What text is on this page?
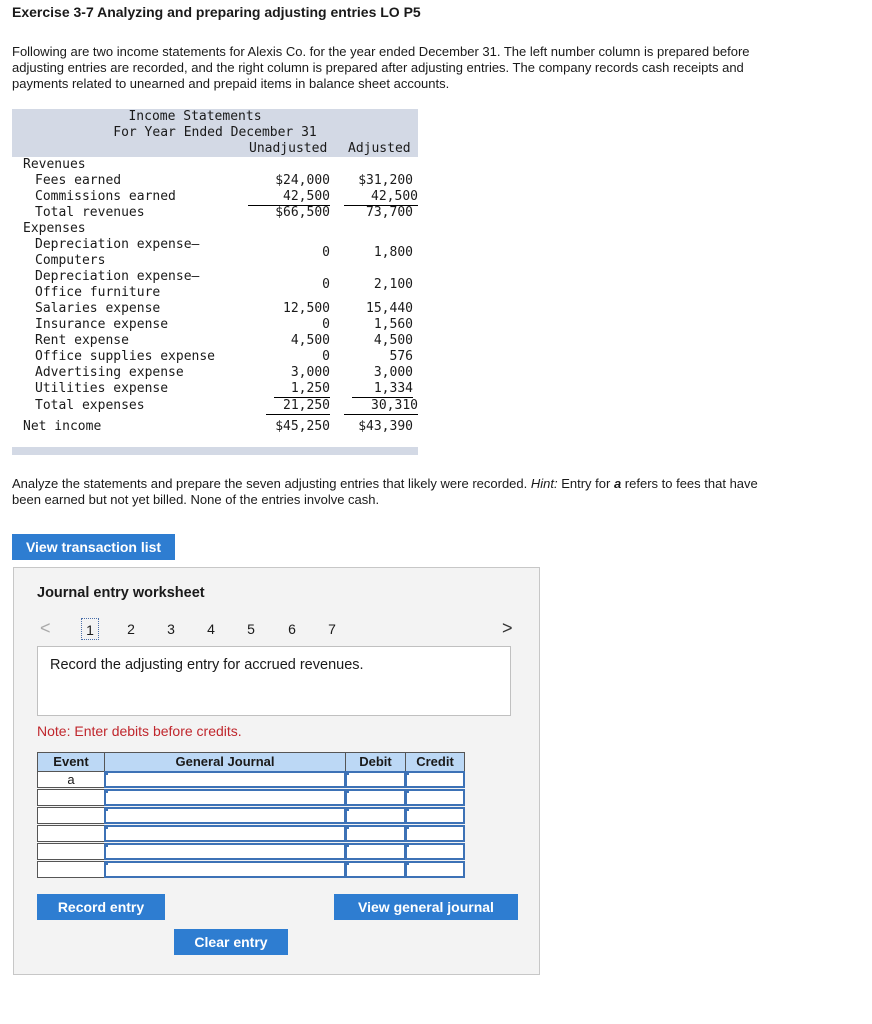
Exercise 3-7 Analyzing and preparing adjusting entries LO P5
Following are two income statements for Alexis Co. for the year ended December 31. The left number column is prepared before adjusting entries are recorded, and the right column is prepared after adjusting entries. The company records cash receipts and payments related to unearned and prepaid items in balance sheet accounts.
Income Statements
For Year Ended December 31
Unadjusted Adjusted
Revenues
Fees earned	$24,000	$31,200
Commissions earned	42,500	42,500
Total revenues	$66,500	73,700
Expenses
Depreciation expense—
Computers
0	1,800
Depreciation expense—
Office furniture
0	2,100
Salaries expense	12,500	15,440
Insurance expense	0	1,560
Rent expense	4,500	4,500
Office supplies expense	0	576
Advertising expense	3,000	3,000
Utilities expense	1,250	1,334
Total expenses	21,250	30,310
Net income	$45,250	$43,390
Analyze the statements and prepare the seven adjusting entries that likely were recorded. Hint: Entry for a refers to fees that have been earned but not yet billed. None of the entries involve cash.
View transaction list
Journal entry worksheet
<	1	2	3	4	5	6	7	>
Record the adjusting entry for accrued revenues.
Note: Enter debits before credits.
Event	General Journal	Debit	Credit
a
Record entry
Clear entry
View general journal
